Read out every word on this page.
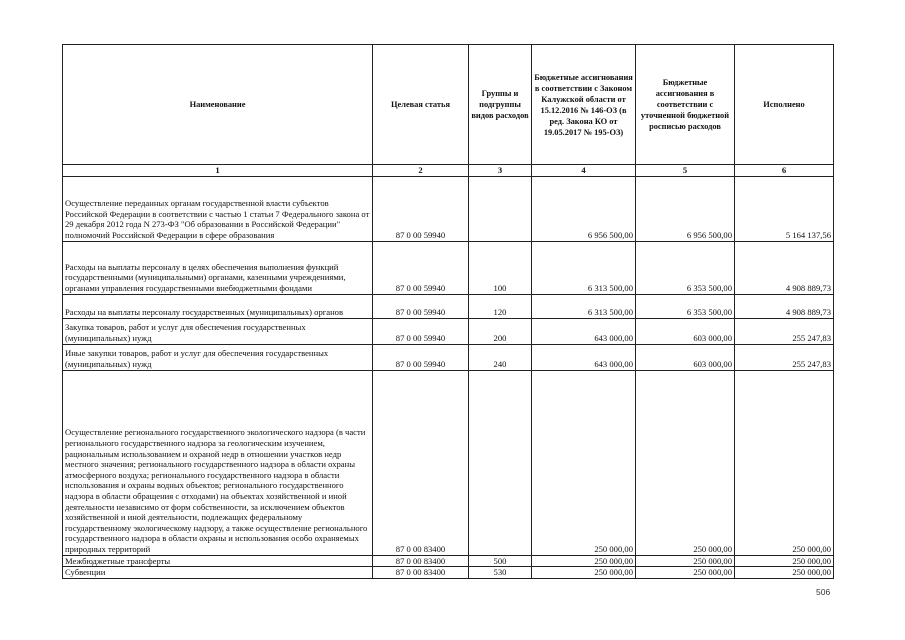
Наименование	Целевая статья	Группы и подгруппы видов расходов	Бюджетные ассигнования в соответствии с Законом Калужской области от 15.12.2016 № 146-ОЗ (в ред. Закона КО от 19.05.2017 № 195-ОЗ)	Бюджетные ассигнования в соответствии с уточненной бюджетной росписью расходов	Исполнено
1	2	3	4	5	6
Осуществление переданных органам государственной власти субъектов Российской Федерации в соответствии с частью 1 статьи 7 Федерального закона от 29 декабря 2012 года N 273-ФЗ "Об образовании в Российской Федерации" полномочий Российской Федерации в сфере образования	87 0 00 59940		6 956 500,00	6 956 500,00	5 164 137,56
Расходы на выплаты персоналу в целях обеспечения выполнения функций государственными (муниципальными) органами, казенными учреждениями, органами управления государственными внебюджетными фондами	87 0 00 59940	100	6 313 500,00	6 353 500,00	4 908 889,73
Расходы на выплаты персоналу государственных (муниципальных) органов	87 0 00 59940	120	6 313 500,00	6 353 500,00	4 908 889,73
Закупка товаров, работ и услуг для обеспечения государственных (муниципальных) нужд	87 0 00 59940	200	643 000,00	603 000,00	255 247,83
Иные закупки товаров, работ и услуг для обеспечения государственных (муниципальных) нужд	87 0 00 59940	240	643 000,00	603 000,00	255 247,83
Осуществление регионального государственного экологического надзора (в части регионального государственного надзора за геологическим изучением, рациональным использованием и охраной недр в отношении участков недр местного значения; регионального государственного надзора в области охраны атмосферного воздуха; регионального государственного надзора в области использования и охраны водных объектов; регионального государственного надзора в области обращения с отходами) на объектах хозяйственной и иной деятельности независимо от форм собственности, за исключением объектов хозяйственной и иной деятельности, подлежащих федеральному государственному экологическому надзору, а также осуществление регионального государственного надзора в области охраны и использования особо охраняемых природных территорий	87 0 00 83400		250 000,00	250 000,00	250 000,00
Межбюджетные трансферты	87 0 00 83400	500	250 000,00	250 000,00	250 000,00
Субвенции	87 0 00 83400	530	250 000,00	250 000,00	250 000,00
506
